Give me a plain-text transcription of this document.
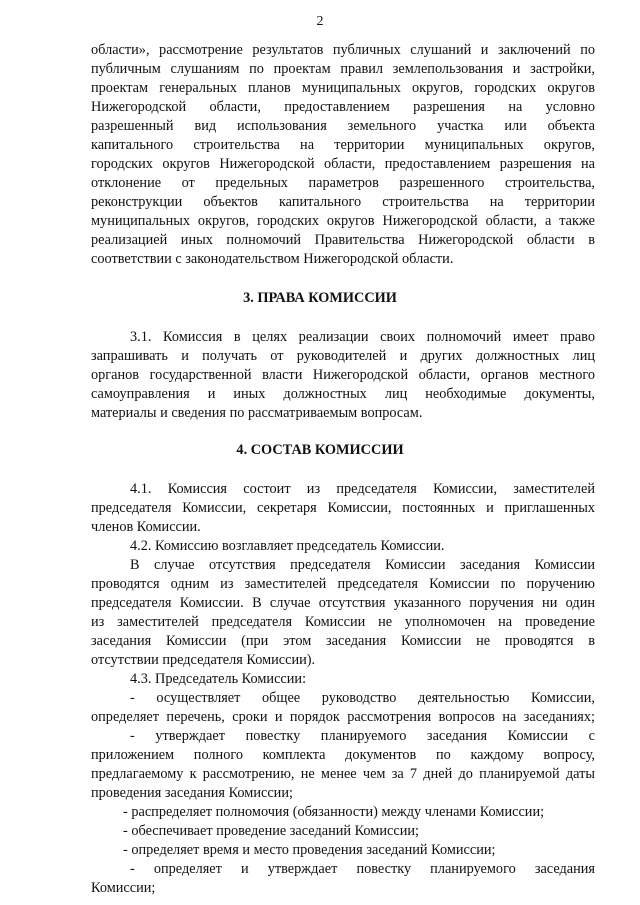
2
области», рассмотрение результатов публичных слушаний и заключений по
публичным слушаниям по проектам правил землепользования и застройки,
проектам генеральных планов муниципальных округов, городских округов
Нижегородской области, предоставлением разрешения на условно
разрешенный вид использования земельного участка или объекта
капитального строительства на территории муниципальных округов,
городских округов Нижегородской области, предоставлением разрешения на
отклонение от предельных параметров разрешенного строительства,
реконструкции объектов капитального строительства на территории
муниципальных округов, городских округов Нижегородской области, а также
реализацией иных полномочий Правительства Нижегородской области в
соответствии с законодательством Нижегородской области.
3. ПРАВА КОМИССИИ
3.1. Комиссия в целях реализации своих полномочий имеет право
запрашивать и получать от руководителей и других должностных лиц
органов государственной власти Нижегородской области, органов местного
самоуправления и иных должностных лиц необходимые документы,
материалы и сведения по рассматриваемым вопросам.
4. СОСТАВ КОМИССИИ
4.1. Комиссия состоит из председателя Комиссии, заместителей
председателя Комиссии, секретаря Комиссии, постоянных и приглашенных
членов Комиссии.
4.2. Комиссию возглавляет председатель Комиссии.
В случае отсутствия председателя Комиссии заседания Комиссии
проводятся одним из заместителей председателя Комиссии по поручению
председателя Комиссии. В случае отсутствия указанного поручения ни один
из заместителей председателя Комиссии не уполномочен на проведение
заседания Комиссии (при этом заседания Комиссии не проводятся в
отсутствии председателя Комиссии).
4.3. Председатель Комиссии:
- осуществляет общее руководство деятельностью Комиссии,
определяет перечень, сроки и порядок рассмотрения вопросов на заседаниях;
- утверждает повестку планируемого заседания Комиссии с
приложением полного комплекта документов по каждому вопросу,
предлагаемому к рассмотрению, не менее чем за 7 дней до планируемой даты
проведения заседания Комиссии;
- распределяет полномочия (обязанности) между членами Комиссии;
- обеспечивает проведение заседаний Комиссии;
- определяет время и место проведения заседаний Комиссии;
- определяет и утверждает повестку планируемого заседания
Комиссии;
